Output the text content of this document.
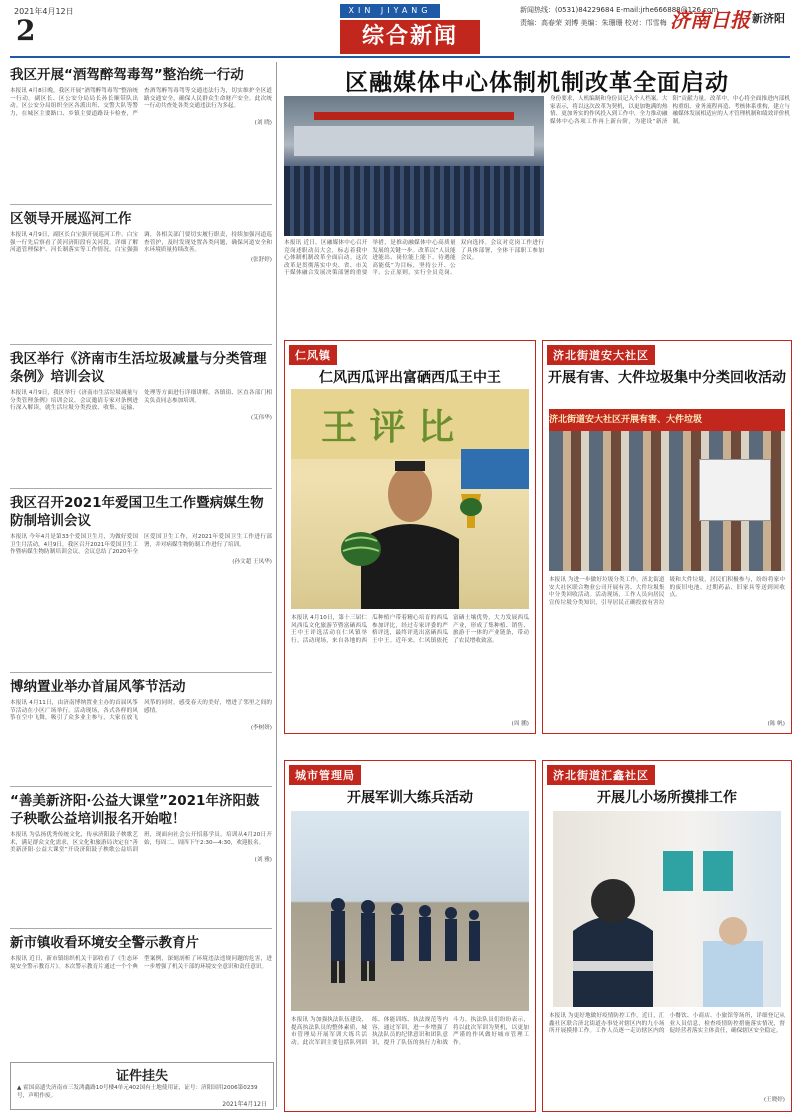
2021年4月12日
2
XIN JIYANG
综合新闻
新闻热线：(0531)84229684 E-mail:jrhe666888@126.com
责编：高春荣 刘博 美编：朱珊珊 校对：邝雪梅 济南日报 新济阳
我区开展“酒驾醉驾毒驾”整治统一行动
本报讯 4月8日晚，我区开展“酒驾醉驾毒驾”整治统一行动。副区长、区公安分局局长孙长顺带队出动。区公安分局组织全区各派出所、交警大队等警力，在城区主要路口、乡镇主要道路设卡检查，严查酒驾醉驾毒驾等交通违法行为，切实维护全区道路交通安全，确保人民群众生命财产安全。此次统一行动共查处各类交通违法行为多起。
(刘 晓)
区领导开展巡河工作
本报讯 4月9日，副区长白宝强开展巡河工作。白宝强一行先后察看了黄河济阳段有关河段，详细了解河道管理保护、河长制落实等工作情况。白宝强强调，各相关部门要切实履行职责，持续加强河道巡查管护，及时发现处置各类问题，确保河道安全和水环境质量持续改善。
(张舒婷)
我区举行《济南市生活垃圾减量与分类管理条例》培训会议
本报讯 4月9日，我区举行《济南市生活垃圾减量与分类管理条例》培训会议。会议邀请专家对条例进行深入解读，就生活垃圾分类投放、收集、运输、处理等方面进行详细讲解。各镇街、区直各部门相关负责同志参加培训。
(艾伟华)
我区召开2021年爱国卫生工作暨病媒生物防制培训会议
本报讯 今年4月是第33个爱国卫生月，为做好爱国卫生月活动，4月9日，我区召开2021年爱国卫生工作暨病媒生物防制培训会议。会议总结了2020年全区爱国卫生工作，对2021年爱国卫生工作进行部署，并对病媒生物防制工作进行了培训。
(孙文超 王凤华)
博纳置业举办首届风筝节活动
本报讯 4月11日，由济南博纳置业主办的首届风筝节活动在小区广场举行。活动现场，各式各样的风筝在空中飞舞，吸引了众多业主参与，大家在放飞风筝的同时，感受春天的美好，增进了邻里之间的感情。
(李树妍)
“善美新济阳·公益大课堂”2021年济阳鼓子秧歌公益培训报名开始啦！
本报讯 为弘扬优秀传统文化，传承济阳鼓子秧歌艺术，满足群众文化需求，区文化和旅游局决定在“善美新济阳·公益大课堂”开设济阳鼓子秧歌公益培训班，现面向社会公开招募学员。培训从4月20日开始，每周二、周四下午2:30—4:30，欢迎报名。
(刘 雅)
新市镇收看环境安全警示教育片
本报讯 近日，新市镇组织机关干部收看了《生态环境安全警示教育片》。本次警示教育片通过一个个典型案例，深刻剖析了环境违法违规问题的危害，进一步增强了机关干部的环境安全意识和责任意识。
证件挂失
▲ 霍国高遗失济南市三发鸿鑫路10号楼4单元402国有土地使用证，证号：济阳国用2006第0239号，声明作废。
2021年4月12日
区融媒体中心体制机制改革全面启动
本报讯 近日，区融媒体中心召开竞岗述职动员大会，标志着我中心体制机制改革全面启动。这次改革是贯彻落实中央、省、市关于媒体融合发展决策部署的重要举措，是推动融媒体中心高质量发展的关键一步。改革以“人员能进能出、岗位能上能下、待遇能高能低”为目标，坚持公开、公平、公正原则，实行全员竞岗、双向选择。会议对竞岗工作进行了具体部署，全体干部职工参加会议。
身份要求，人机编制和身份员记入个人档案。大家表示，将以这次改革为契机，以更加饱满的热情、更加务实的作风投入到工作中，全力推动融媒体中心各项工作再上新台阶，为建设“新济阳”贡献力量。改革中，中心将全面推进内部机构重组、业务流程再造、考核体系重构，建立与融媒体发展相适应的人才管理机制和绩效评价机制。
仁风镇
仁风西瓜评出富硒西瓜王中王
王 评 比
本报讯 4月10日，第十三届仁风西瓜文化旅游节暨富硒西瓜王中王评选活动在仁风镇举行。活动现场，来自各地的西瓜种植户带着精心培育的西瓜参加评比，经过专家评委的严格评选，最终评选出富硒西瓜王中王。近年来，仁风镇依托富硒土壤优势，大力发展西瓜产业，形成了集种植、销售、旅游于一体的产业链条，带动了农民增收致富。
(周 鹏)
济北街道安大社区
开展有害、大件垃圾集中分类回收活动
济北街道安大社区开展有害、大件垃圾
本报讯 为进一步做好垃圾分类工作，济北街道安大社区联合物业公司开展有害、大件垃圾集中分类回收活动。活动现场，工作人员向居民宣传垃圾分类知识，引导居民正确投放有害垃圾和大件垃圾，居民们积极参与，纷纷将家中的废旧电池、过期药品、旧家具等送到回收点。
(陈 帆)
城市管理局
开展军训大练兵活动
本报讯 为加强执法队伍建设，提高执法队员的整体素质，城市管理局开展军训大练兵活动。此次军训主要包括队列训练、体能训练、执法规范等内容，通过军训，进一步增强了执法队员的纪律意识和团队意识，提升了队伍的执行力和战斗力。执法队员们纷纷表示，将以此次军训为契机，以更加严谨的作风做好城市管理工作。
济北街道汇鑫社区
开展儿小场所摸排工作
本报讯 为更好地做好疫情防控工作，近日，汇鑫社区联合济北街道办事处对辖区内的九小场所开展摸排工作。工作人员逐一走访辖区内的小餐饮、小商店、小旅馆等场所，详细登记从业人员信息，检查疫情防控措施落实情况，督促经营者落实主体责任，确保辖区安全稳定。
(王晓婷)
